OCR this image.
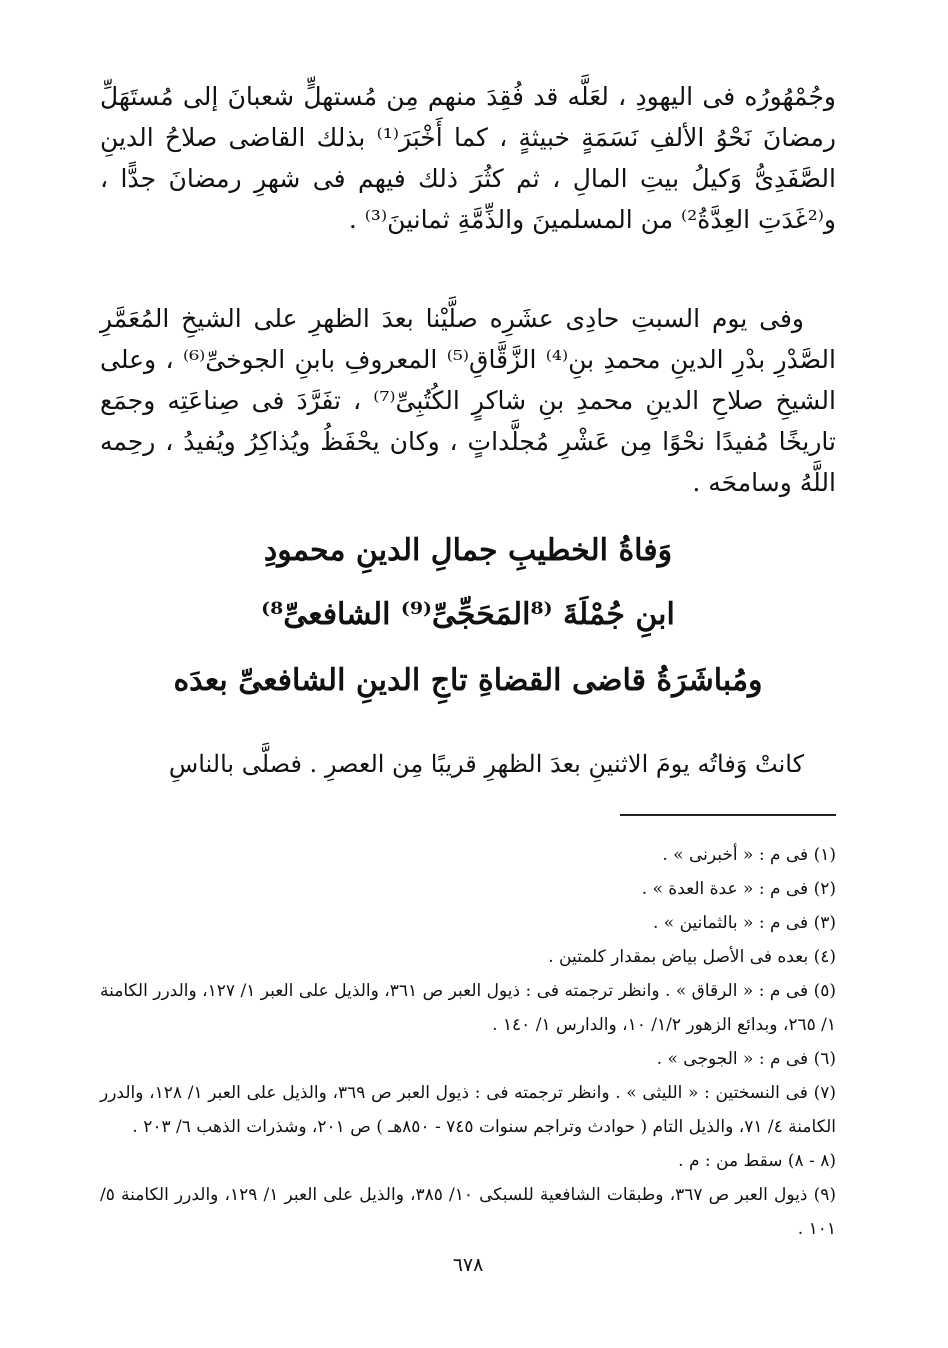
وجُمْهُورُه فى اليهودِ ، لعَلَّه قد فُقِدَ منهم مِن مُستهلٍّ شعبانَ إلى مُستَهَلِّ رمضانَ نَحْوُ الألفِ نَسَمَةٍ خبيثةٍ ، كما أَخْبَرَ⁽¹⁾ بذلك القاضى صلاحُ الدينِ الصَّفَدِىُّ وَكيلُ بيتِ المالِ ، ثم كثُرَ ذلك فيهم فى شهرِ رمضانَ جدًّا ، و⁽²غَدَتِ العِدَّةُ²⁾ من المسلمينَ والذِّمَّةِ ثمانينَ⁽³⁾ .

وفى يوم السبتِ حادِى عشَرِه صلَّيْنا بعدَ الظهرِ على الشيخِ المُعَمَّرِ الصَّدْرِ بدْرِ الدينِ محمدِ بنِ⁽⁴⁾ الزَّقَّاقِ⁽⁵⁾ المعروفِ بابنِ الجوخىِّ⁽⁶⁾ ، وعلى الشيخِ صلاحِ الدينِ محمدِ بنِ شاكرٍ الكُتُبِىِّ⁽⁷⁾ ، تفَرَّدَ فى صِناعَتِه وجمَع تاريخًا مُفيدًا نحْوًا مِن عَشْرِ مُجلَّداتٍ ، وكان يحْفَظُ ويُذاكِرُ ويُفيدُ ، رحِمه اللَّهُ وسامحَه .

وَفاةُ الخطيبِ جمالِ الدينِ محمودِ
ابنِ جُمْلَةَ ⁽⁸المَحَجِّىِّ⁽⁹⁾ الشافعىِّ⁸⁾
ومُباشَرَةُ قاضى القضاةِ تاجِ الدينِ الشافعىِّ بعدَه

كانتْ وَفاتُه يومَ الاثنينِ بعدَ الظهرِ قريبًا مِن العصرِ . فصلَّى بالناسِ

(١) فى م : « أخبرنى » .
(٢) فى م : « عدة العدة » .
(٣) فى م : « بالثمانين » .
(٤) بعده فى الأصل بياض بمقدار كلمتين .
(٥) فى م : « الرقاق » . وانظر ترجمته فى : ذيول العبر ص ٣٦١، والذيل على العبر ١/ ١٢٧، والدرر الكامنة ١/ ٢٦٥، وبدائع الزهور ١/٢/ ١٠، والدارس ١/ ١٤٠ .
(٦) فى م : « الجوجى » .
(٧) فى النسختين : « الليثى » . وانظر ترجمته فى : ذيول العبر ص ٣٦٩، والذيل على العبر ١/ ١٢٨، والدرر الكامنة ٤/ ٧١، والذيل التام ( حوادث وتراجم سنوات ٧٤٥ - ٨٥٠هـ ) ص ٢٠١، وشذرات الذهب ٦/ ٢٠٣ .
(٨ - ٨) سقط من : م .
(٩) ذيول العبر ص ٣٦٧، وطبقات الشافعية للسبكى ١٠/ ٣٨٥، والذيل على العبر ١/ ١٢٩، والدرر الكامنة ٥/ ١٠١ .
٦٧٨
